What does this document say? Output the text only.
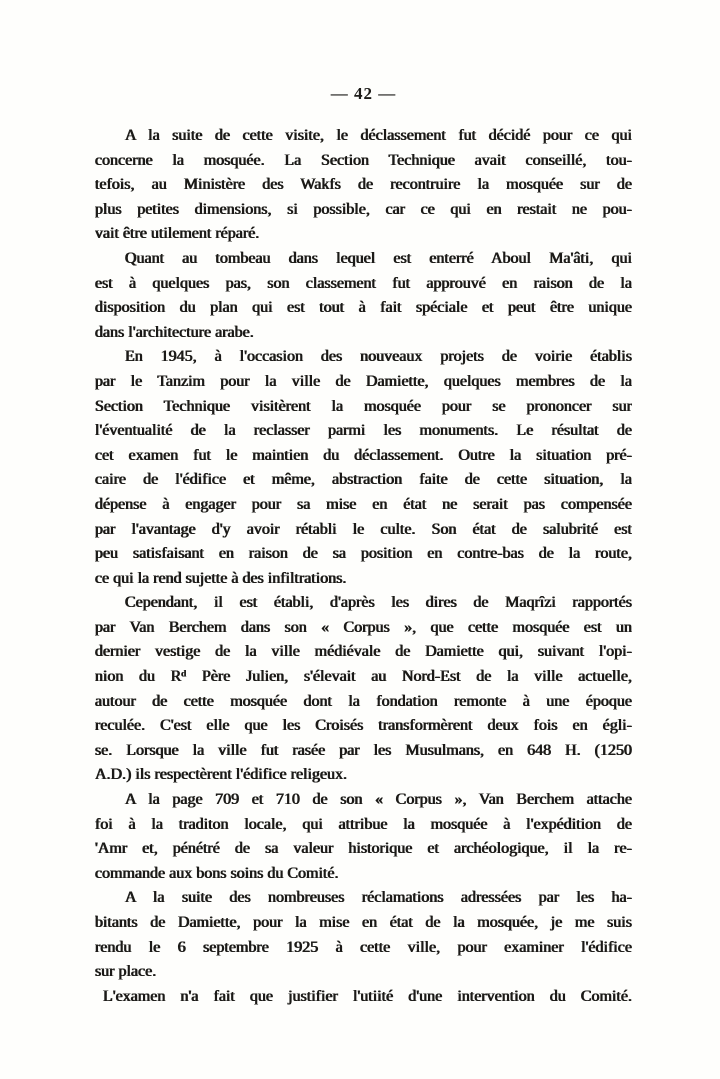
— 42 —
A la suite de cette visite, le déclassement fut décidé pour ce qui
concerne la mosquée. La Section Technique avait conseillé, tou-
tefois, au Ministère des Wakfs de recontruire la mosquée sur de
plus petites dimensions, si possible, car ce qui en restait ne pou-
vait être utilement réparé.
Quant au tombeau dans lequel est enterré Aboul Ma'âti, qui
est à quelques pas, son classement fut approuvé en raison de la
disposition du plan qui est tout à fait spéciale et peut être unique
dans l'architecture arabe.
En 1945, à l'occasion des nouveaux projets de voirie établis
par le Tanzim pour la ville de Damiette, quelques membres de la
Section Technique visitèrent la mosquée pour se prononcer sur
l'éventualité de la reclasser parmi les monuments. Le résultat de
cet examen fut le maintien du déclassement. Outre la situation pré-
caire de l'édifice et même, abstraction faite de cette situation, la
dépense à engager pour sa mise en état ne serait pas compensée
par l'avantage d'y avoir rétabli le culte. Son état de salubrité est
peu satisfaisant en raison de sa position en contre-bas de la route,
ce qui la rend sujette à des infiltrations.
Cependant, il est établi, d'après les dires de Maqrîzi rapportés
par Van Berchem dans son « Corpus », que cette mosquée est un
dernier vestige de la ville médiévale de Damiette qui, suivant l'opi-
nion du Rᵈ Père Julien, s'élevait au Nord-Est de la ville actuelle,
autour de cette mosquée dont la fondation remonte à une époque
reculée. C'est elle que les Croisés transformèrent deux fois en égli-
se. Lorsque la ville fut rasée par les Musulmans, en 648 H. (1250
A.D.) ils respectèrent l'édifice religeux.
A la page 709 et 710 de son « Corpus », Van Berchem attache
foi à la traditon locale, qui attribue la mosquée à l'expédition de
'Amr et, pénétré de sa valeur historique et archéologique, il la re-
commande aux bons soins du Comité.
A la suite des nombreuses réclamations adressées par les ha-
bitants de Damiette, pour la mise en état de la mosquée, je me suis
rendu le 6 septembre 1925 à cette ville, pour examiner l'édifice
sur place.
L'examen n'a fait que justifier l'utiité d'une intervention du Comité.
